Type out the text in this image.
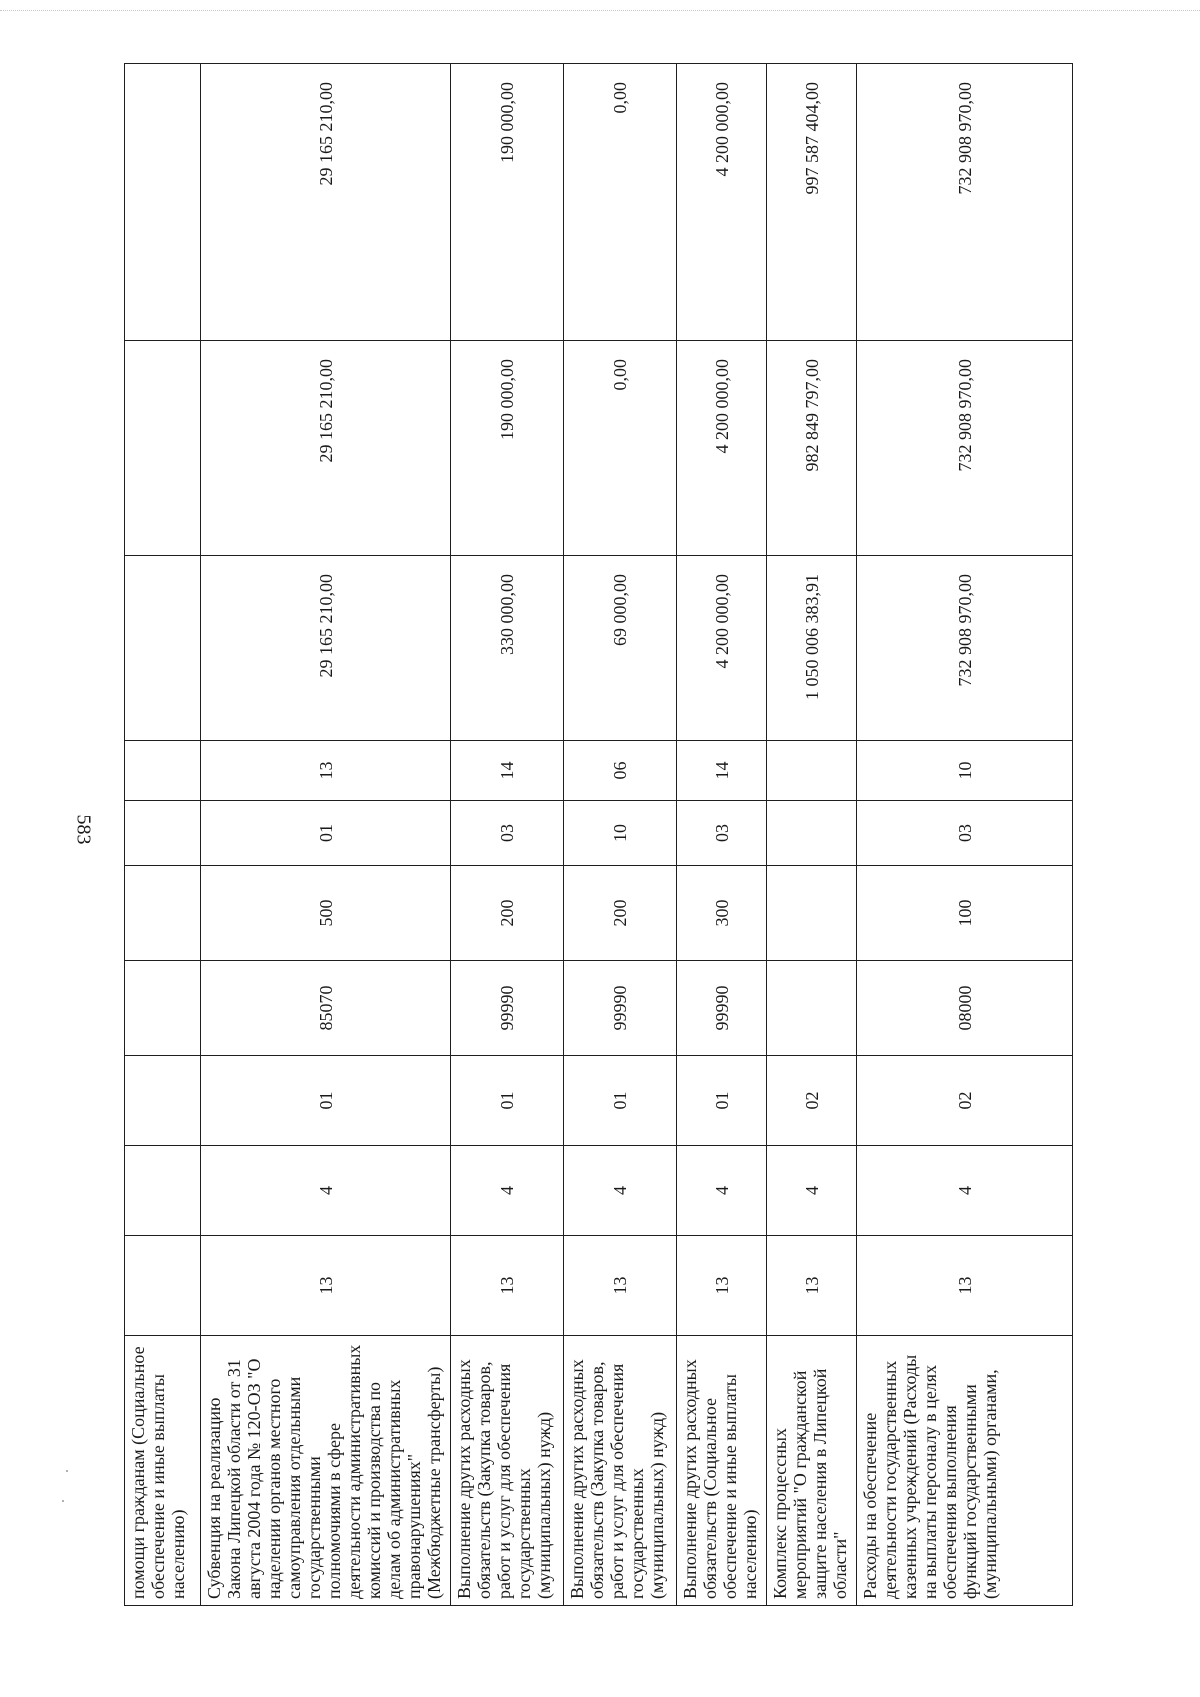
583
помощи гражданам (Социальное обеспечение и иные выплаты населению)										
Субвенция на реализацию Закона Липецкой области от 31 августа 2004 года № 120-ОЗ "О наделении органов местного самоуправления отдельными государственными полномочиями в сфере деятельности административных комиссий и производства по делам об административных правонарушениях" (Межбюджетные трансферты)	13	4	01	85070	500	01	13	29 165 210,00	29 165 210,00	29 165 210,00
Выполнение других расходных обязательств (Закупка товаров, работ и услуг для обеспечения государственных (муниципальных) нужд)	13	4	01	99990	200	03	14	330 000,00	190 000,00	190 000,00
Выполнение других расходных обязательств (Закупка товаров, работ и услуг для обеспечения государственных (муниципальных) нужд)	13	4	01	99990	200	10	06	69 000,00	0,00	0,00
Выполнение других расходных обязательств (Социальное обеспечение и иные выплаты населению)	13	4	01	99990	300	03	14	4 200 000,00	4 200 000,00	4 200 000,00
Комплекс процессных мероприятий "О гражданской защите населения в Липецкой области"	13	4	02					1 050 006 383,91	982 849 797,00	997 587 404,00
Расходы на обеспечение деятельности государственных казенных учреждений (Расходы на выплаты персоналу в целях обеспечения выполнения функций государственными (муниципальными) органами,	13	4	02	08000	100	03	10	732 908 970,00	732 908 970,00	732 908 970,00
